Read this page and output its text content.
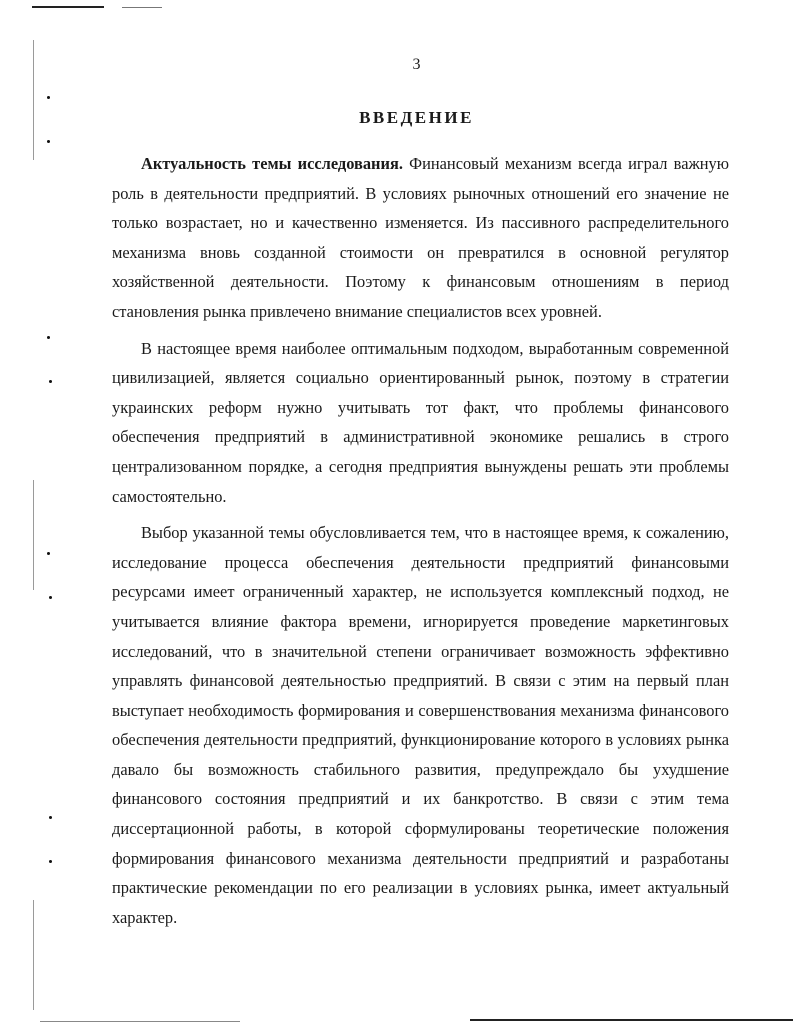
3
ВВЕДЕНИЕ

Актуальность темы исследования. Финансовый механизм всегда играл важную роль в деятельности предприятий. В условиях рыночных отношений его значение не только возрастает, но и качественно изменяется. Из пассивного распределительного механизма вновь созданной стоимости он превратился в основной регулятор хозяйственной деятельности. Поэтому к финансовым отношениям в период становления рынка привлечено внимание специалистов всех уровней.

В настоящее время наиболее оптимальным подходом, выработанным современной цивилизацией, является социально ориентированный рынок, поэтому в стратегии украинских реформ нужно учитывать тот факт, что проблемы финансового обеспечения предприятий в административной экономике решались в строго централизованном порядке, а сегодня предприятия вынуждены решать эти проблемы самостоятельно.

Выбор указанной темы обусловливается тем, что в настоящее время, к сожалению, исследование процесса обеспечения деятельности предприятий финансовыми ресурсами имеет ограниченный характер, не используется комплексный подход, не учитывается влияние фактора времени, игнорируется проведение маркетинговых исследований, что в значительной степени ограничивает возможность эффективно управлять финансовой деятельностью предприятий. В связи с этим на первый план выступает необходимость формирования и совершенствования механизма финансового обеспечения деятельности предприятий, функционирование которого в условиях рынка давало бы возможность стабильного развития, предупреждало бы ухудшение финансового состояния предприятий и их банкротство. В связи с этим тема диссертационной работы, в которой сформулированы теоретические положения формирования финансового механизма деятельности предприятий и разработаны практические рекомендации по его реализации в условиях рынка, имеет актуальный характер.
